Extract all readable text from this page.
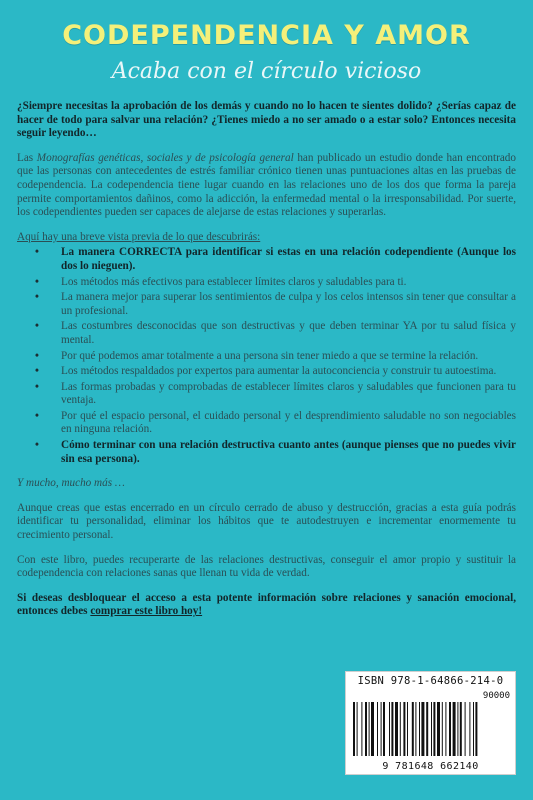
CODEPENDENCIA Y AMOR
Acaba con el círculo vicioso

¿Siempre necesitas la aprobación de los demás y cuando no lo hacen te sientes dolido? ¿Serías capaz de hacer de todo para salvar una relación? ¿Tienes miedo a no ser amado o a estar solo? Entonces necesita seguir leyendo…

Las Monografías genéticas, sociales y de psicología general han publicado un estudio donde han encontrado que las personas con antecedentes de estrés familiar crónico tienen unas puntuaciones altas en las pruebas de codependencia. La codependencia tiene lugar cuando en las relaciones uno de los dos que forma la pareja permite comportamientos dañinos, como la adicción, la enfermedad mental o la irresponsabilidad. Por suerte, los codependientes pueden ser capaces de alejarse de estas relaciones y superarlas.

Aquí hay una breve vista previa de lo que descubrirás:

• La manera CORRECTA para identificar si estas en una relación codependiente (Aunque los dos lo nieguen).
• Los métodos más efectivos para establecer límites claros y saludables para ti.
• La manera mejor para superar los sentimientos de culpa y los celos intensos sin tener que consultar a un profesional.
• Las costumbres desconocidas que son destructivas y que deben terminar YA por tu salud física y mental.
• Por qué podemos amar totalmente a una persona sin tener miedo a que se termine la relación.
• Los métodos respaldados por expertos para aumentar la autoconciencia y construir tu autoestima.
• Las formas probadas y comprobadas de establecer límites claros y saludables que funcionen para tu ventaja.
• Por qué el espacio personal, el cuidado personal y el desprendimiento saludable no son negociables en ninguna relación.
• Cómo terminar con una relación destructiva cuanto antes (aunque pienses que no puedes vivir sin esa persona).

Y mucho, mucho más …

Aunque creas que estas encerrado en un círculo cerrado de abuso y destrucción, gracias a esta guía podrás identificar tu personalidad, eliminar los hábitos que te autodestruyen e incrementar enormemente tu crecimiento personal.

Con este libro, puedes recuperarte de las relaciones destructivas, conseguir el amor propio y sustituir la codependencia con relaciones sanas que llenan tu vida de verdad.

Si deseas desbloquear el acceso a esta potente información sobre relaciones y sanación emocional, entonces debes comprar este libro hoy!

ISBN 978-1-64866-214-0
90000
9 781648 662140
